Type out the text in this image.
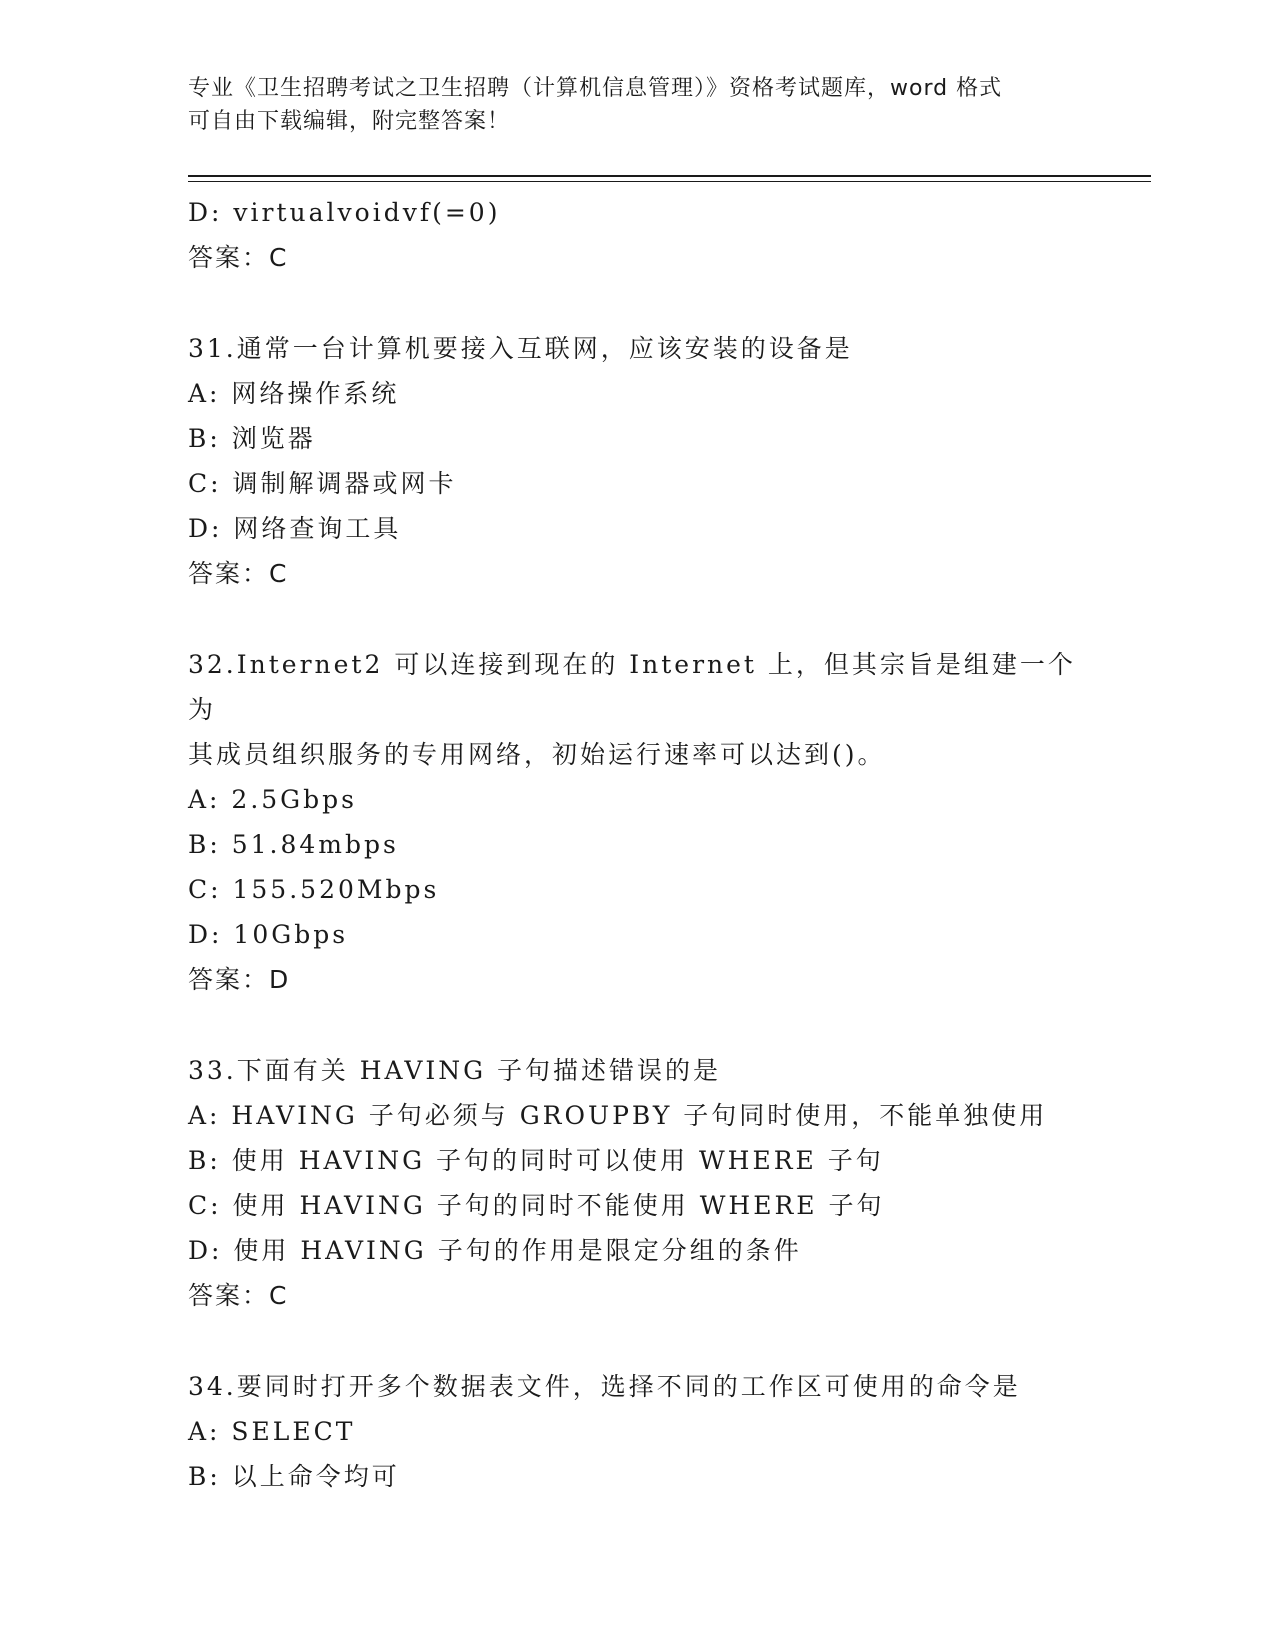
专业《卫生招聘考试之卫生招聘（计算机信息管理）》资格考试题库，word 格式
可自由下载编辑，附完整答案！
D: virtualvoidvf(=0)
答案：C
31.通常一台计算机要接入互联网，应该安装的设备是
A: 网络操作系统
B: 浏览器
C: 调制解调器或网卡
D: 网络查询工具
答案：C
32.Internet2 可以连接到现在的 Internet 上，但其宗旨是组建一个为
其成员组织服务的专用网络，初始运行速率可以达到()。
A: 2.5Gbps
B: 51.84mbps
C: 155.520Mbps
D: 10Gbps
答案：D
33.下面有关 HAVING 子句描述错误的是
A: HAVING 子句必须与 GROUPBY 子句同时使用，不能单独使用
B: 使用 HAVING 子句的同时可以使用 WHERE 子句
C: 使用 HAVING 子句的同时不能使用 WHERE 子句
D: 使用 HAVING 子句的作用是限定分组的条件
答案：C
34.要同时打开多个数据表文件，选择不同的工作区可使用的命令是
A: SELECT
B: 以上命令均可
